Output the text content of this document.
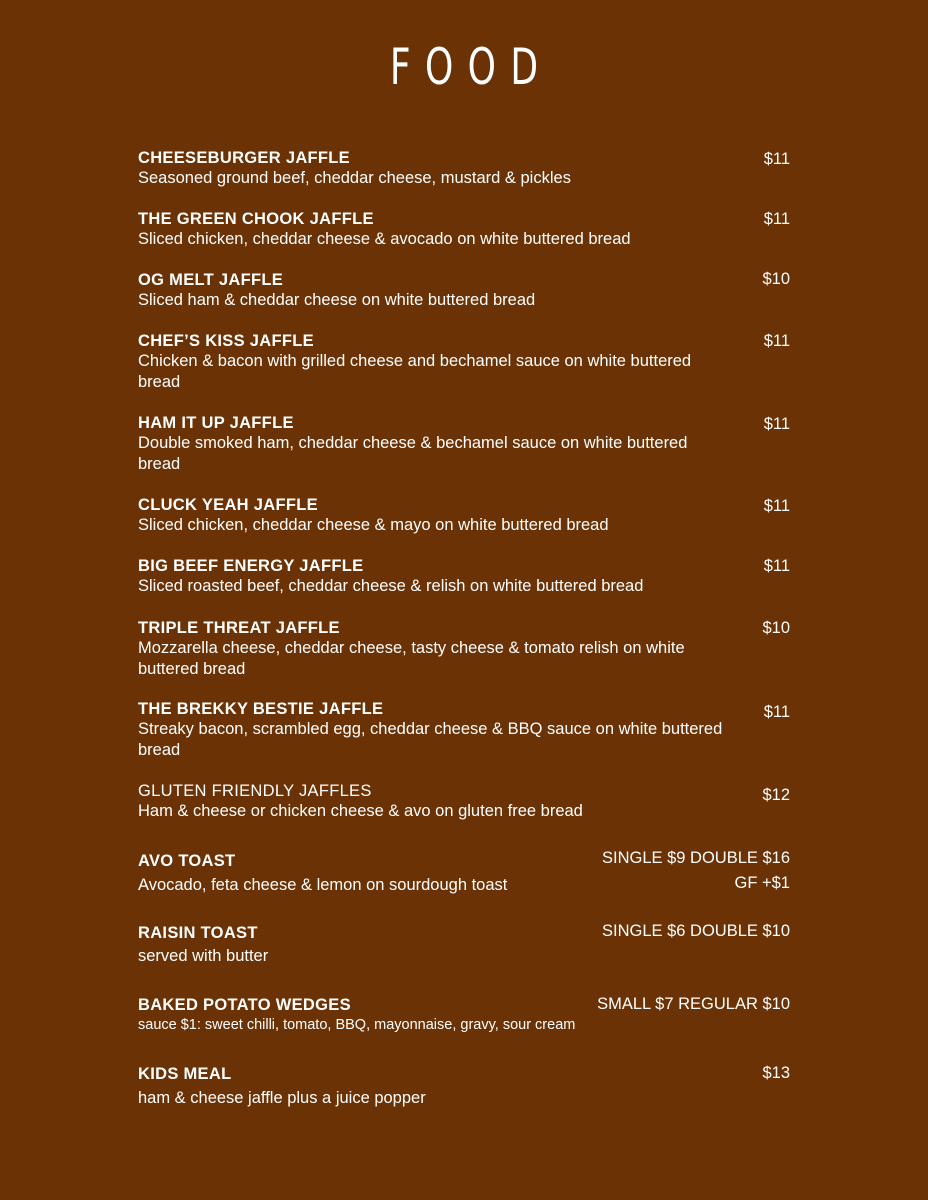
FOOD
CHEESEBURGER JAFFLE
Seasoned ground beef, cheddar cheese, mustard & pickles
$11
THE GREEN CHOOK JAFFLE
Sliced chicken, cheddar cheese & avocado on white buttered bread
$11
OG MELT JAFFLE
Sliced ham & cheddar cheese on white buttered bread
$10
CHEF’S KISS JAFFLE
Chicken & bacon with grilled cheese and bechamel sauce on white buttered bread
$11
HAM IT UP JAFFLE
Double smoked ham, cheddar cheese & bechamel sauce on white buttered bread
$11
CLUCK YEAH JAFFLE
Sliced chicken, cheddar cheese & mayo on white buttered bread
$11
BIG BEEF ENERGY JAFFLE
Sliced roasted beef, cheddar cheese & relish on white buttered bread
$11
TRIPLE THREAT JAFFLE
Mozzarella cheese, cheddar cheese, tasty cheese & tomato relish on white buttered bread
$10
THE BREKKY BESTIE JAFFLE
Streaky bacon, scrambled egg, cheddar cheese & BBQ sauce on white buttered bread
$11
GLUTEN FRIENDLY JAFFLES
Ham & cheese or chicken cheese & avo on gluten free bread
$12
AVO TOAST
Avocado, feta cheese & lemon on sourdough toast
SINGLE $9 DOUBLE $16
GF +$1
RAISIN TOAST
served with butter
SINGLE $6 DOUBLE $10
BAKED POTATO WEDGES
sauce $1: sweet chilli, tomato, BBQ, mayonnaise, gravy, sour cream
SMALL $7 REGULAR $10
KIDS MEAL
ham & cheese jaffle plus a juice popper
$13
